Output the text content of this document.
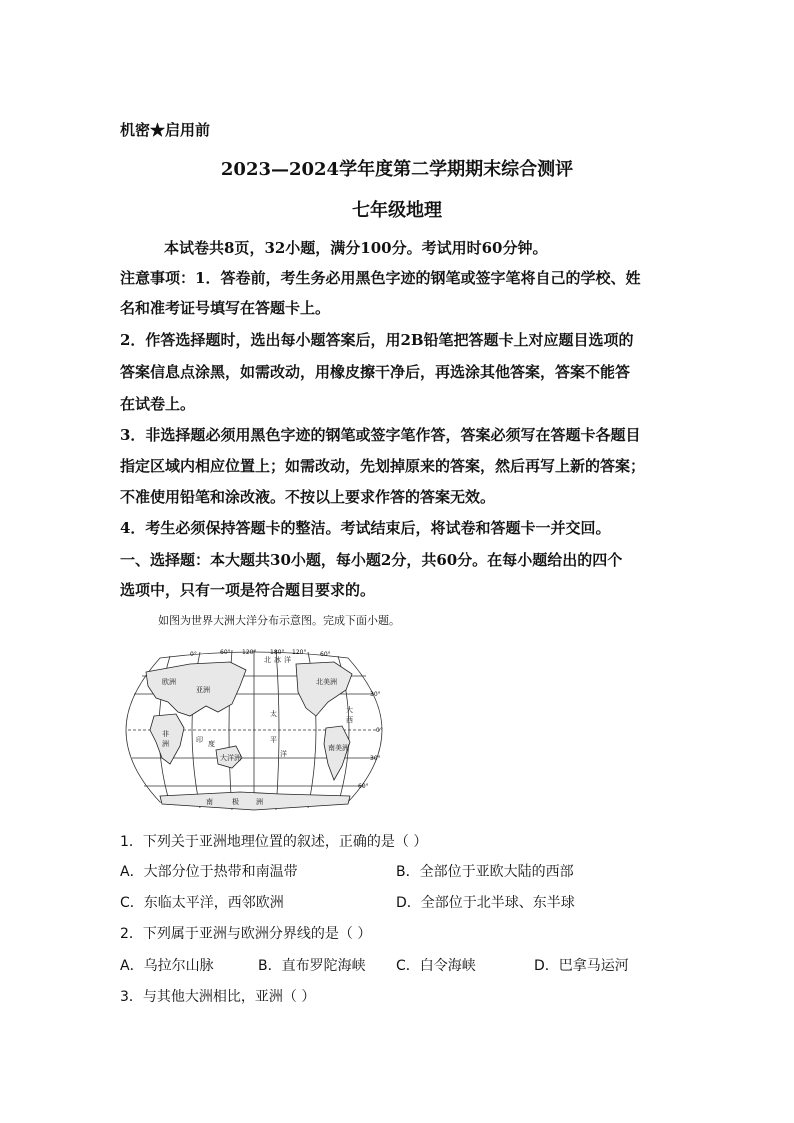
机密★启用前
2023—2024学年度第二学期期末综合测评
七年级地理
本试卷共8页，32小题，满分100分。考试用时60分钟。
注意事项：1．答卷前，考生务必用黑色字迹的钢笔或签字笔将自己的学校、姓
名和准考证号填写在答题卡上。
2．作答选择题时，选出每小题答案后，用2B铅笔把答题卡上对应题目选项的
答案信息点涂黑，如需改动，用橡皮擦干净后，再选涂其他答案，答案不能答
在试卷上。
3．非选择题必须用黑色字迹的钢笔或签字笔作答，答案必须写在答题卡各题目
指定区域内相应位置上；如需改动，先划掉原来的答案，然后再写上新的答案；
不准使用铅笔和涂改液。不按以上要求作答的答案无效。
4．考生必须保持答题卡的整洁。考试结束后，将试卷和答题卡一并交回。
一、选择题：本大题共30小题，每小题2分，共60分。在每小题给出的四个
选项中，只有一项是符合题目要求的。
如图为世界大洲大洋分布示意图。完成下面小题。
0°	60° 120° 180° 120° 60°
30°
0°
30°
60°
北 冰 洋
亚洲
欧洲	北美洲
大
西
太
平
洋
印 度
大洋洲
南美洲
非
洲
南	极 洲
1．下列关于亚洲地理位置的叙述，正确的是（ ）
A．大部分位于热带和南温带	B．全部位于亚欧大陆的西部
C．东临太平洋，西邻欧洲	D．全部位于北半球、东半球
2．下列属于亚洲与欧洲分界线的是（ ）
A．乌拉尔山脉	B．直布罗陀海峡 C．白令海峡	D．巴拿马运河
3．与其他大洲相比，亚洲（ ）
